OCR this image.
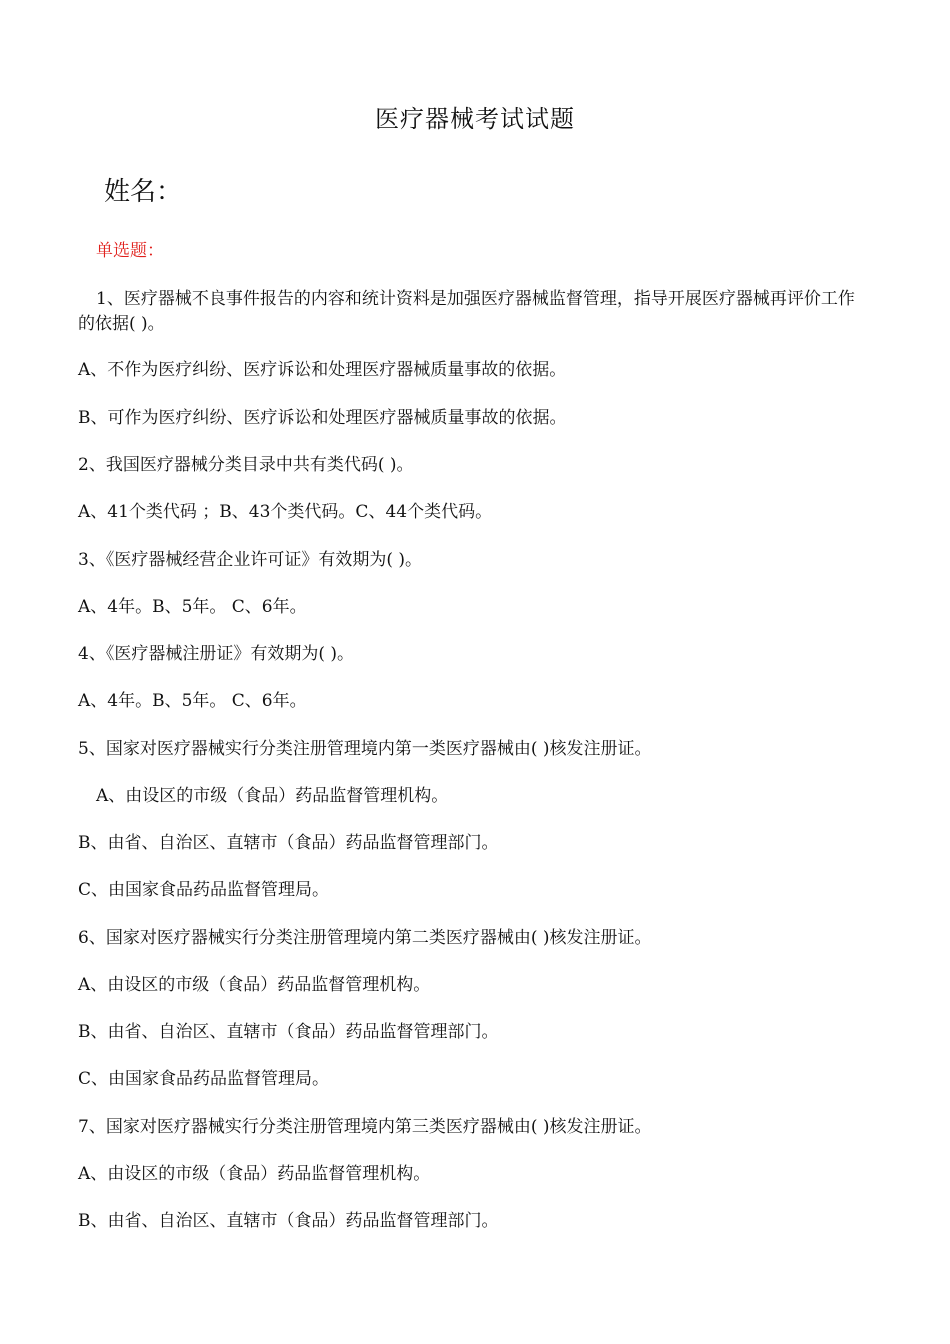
医疗器械考试试题
姓名：
单选题：
1、医疗器械不良事件报告的内容和统计资料是加强医疗器械监督管理，指导开展医疗器械再评价工作的依据( )。
A、不作为医疗纠纷、医疗诉讼和处理医疗器械质量事故的依据。
B、可作为医疗纠纷、医疗诉讼和处理医疗器械质量事故的依据。
2、我国医疗器械分类目录中共有类代码( )。
A、41个类代码 ；B、43个类代码。C、44个类代码。
3、《医疗器械经营企业许可证》有效期为( )。
A、4年。B、5年。 C、6年。
4、《医疗器械注册证》有效期为( )。
A、4年。B、5年。 C、6年。
5、国家对医疗器械实行分类注册管理境内第一类医疗器械由( )核发注册证。
A、由设区的市级（食品）药品监督管理机构。
B、由省、自治区、直辖市（食品）药品监督管理部门。
C、由国家食品药品监督管理局。
6、国家对医疗器械实行分类注册管理境内第二类医疗器械由( )核发注册证。
A、由设区的市级（食品）药品监督管理机构。
B、由省、自治区、直辖市（食品）药品监督管理部门。
C、由国家食品药品监督管理局。
7、国家对医疗器械实行分类注册管理境内第三类医疗器械由( )核发注册证。
A、由设区的市级（食品）药品监督管理机构。
B、由省、自治区、直辖市（食品）药品监督管理部门。
